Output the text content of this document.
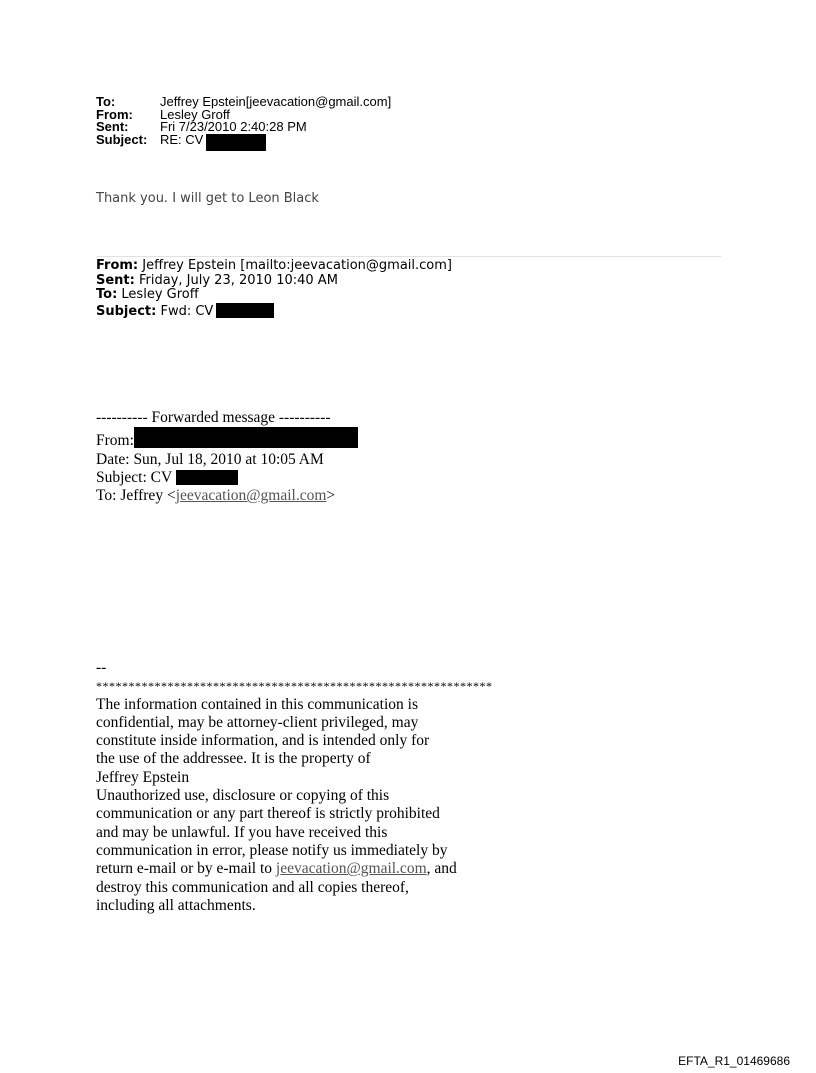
To:	Jeffrey Epstein[jeevacation@gmail.com]
From:	Lesley Groff
Sent:	Fri 7/23/2010 2:40:28 PM
Subject: RE: CV
Thank you. I will get to Leon Black
From: Jeffrey Epstein [mailto:jeevacation@gmail.com]
Sent: Friday, July 23, 2010 10:40 AM
To: Lesley Groff
Subject: Fwd: CV
---------- Forwarded message ----------
From:
Date: Sun, Jul 18, 2010 at 10:05 AM
Subject: CV
To: Jeffrey <jeevacation@gmail.com>
--
*************************************************************
The information contained in this communication is
confidential, may be attorney-client privileged, may
constitute inside information, and is intended only for
the use of the addressee. It is the property of
Jeffrey Epstein
Unauthorized use, disclosure or copying of this
communication or any part thereof is strictly prohibited
and may be unlawful. If you have received this
communication in error, please notify us immediately by
return e-mail or by e-mail to jeevacation@gmail.com, and
destroy this communication and all copies thereof,
including all attachments.
EFTA_R1_01469686
